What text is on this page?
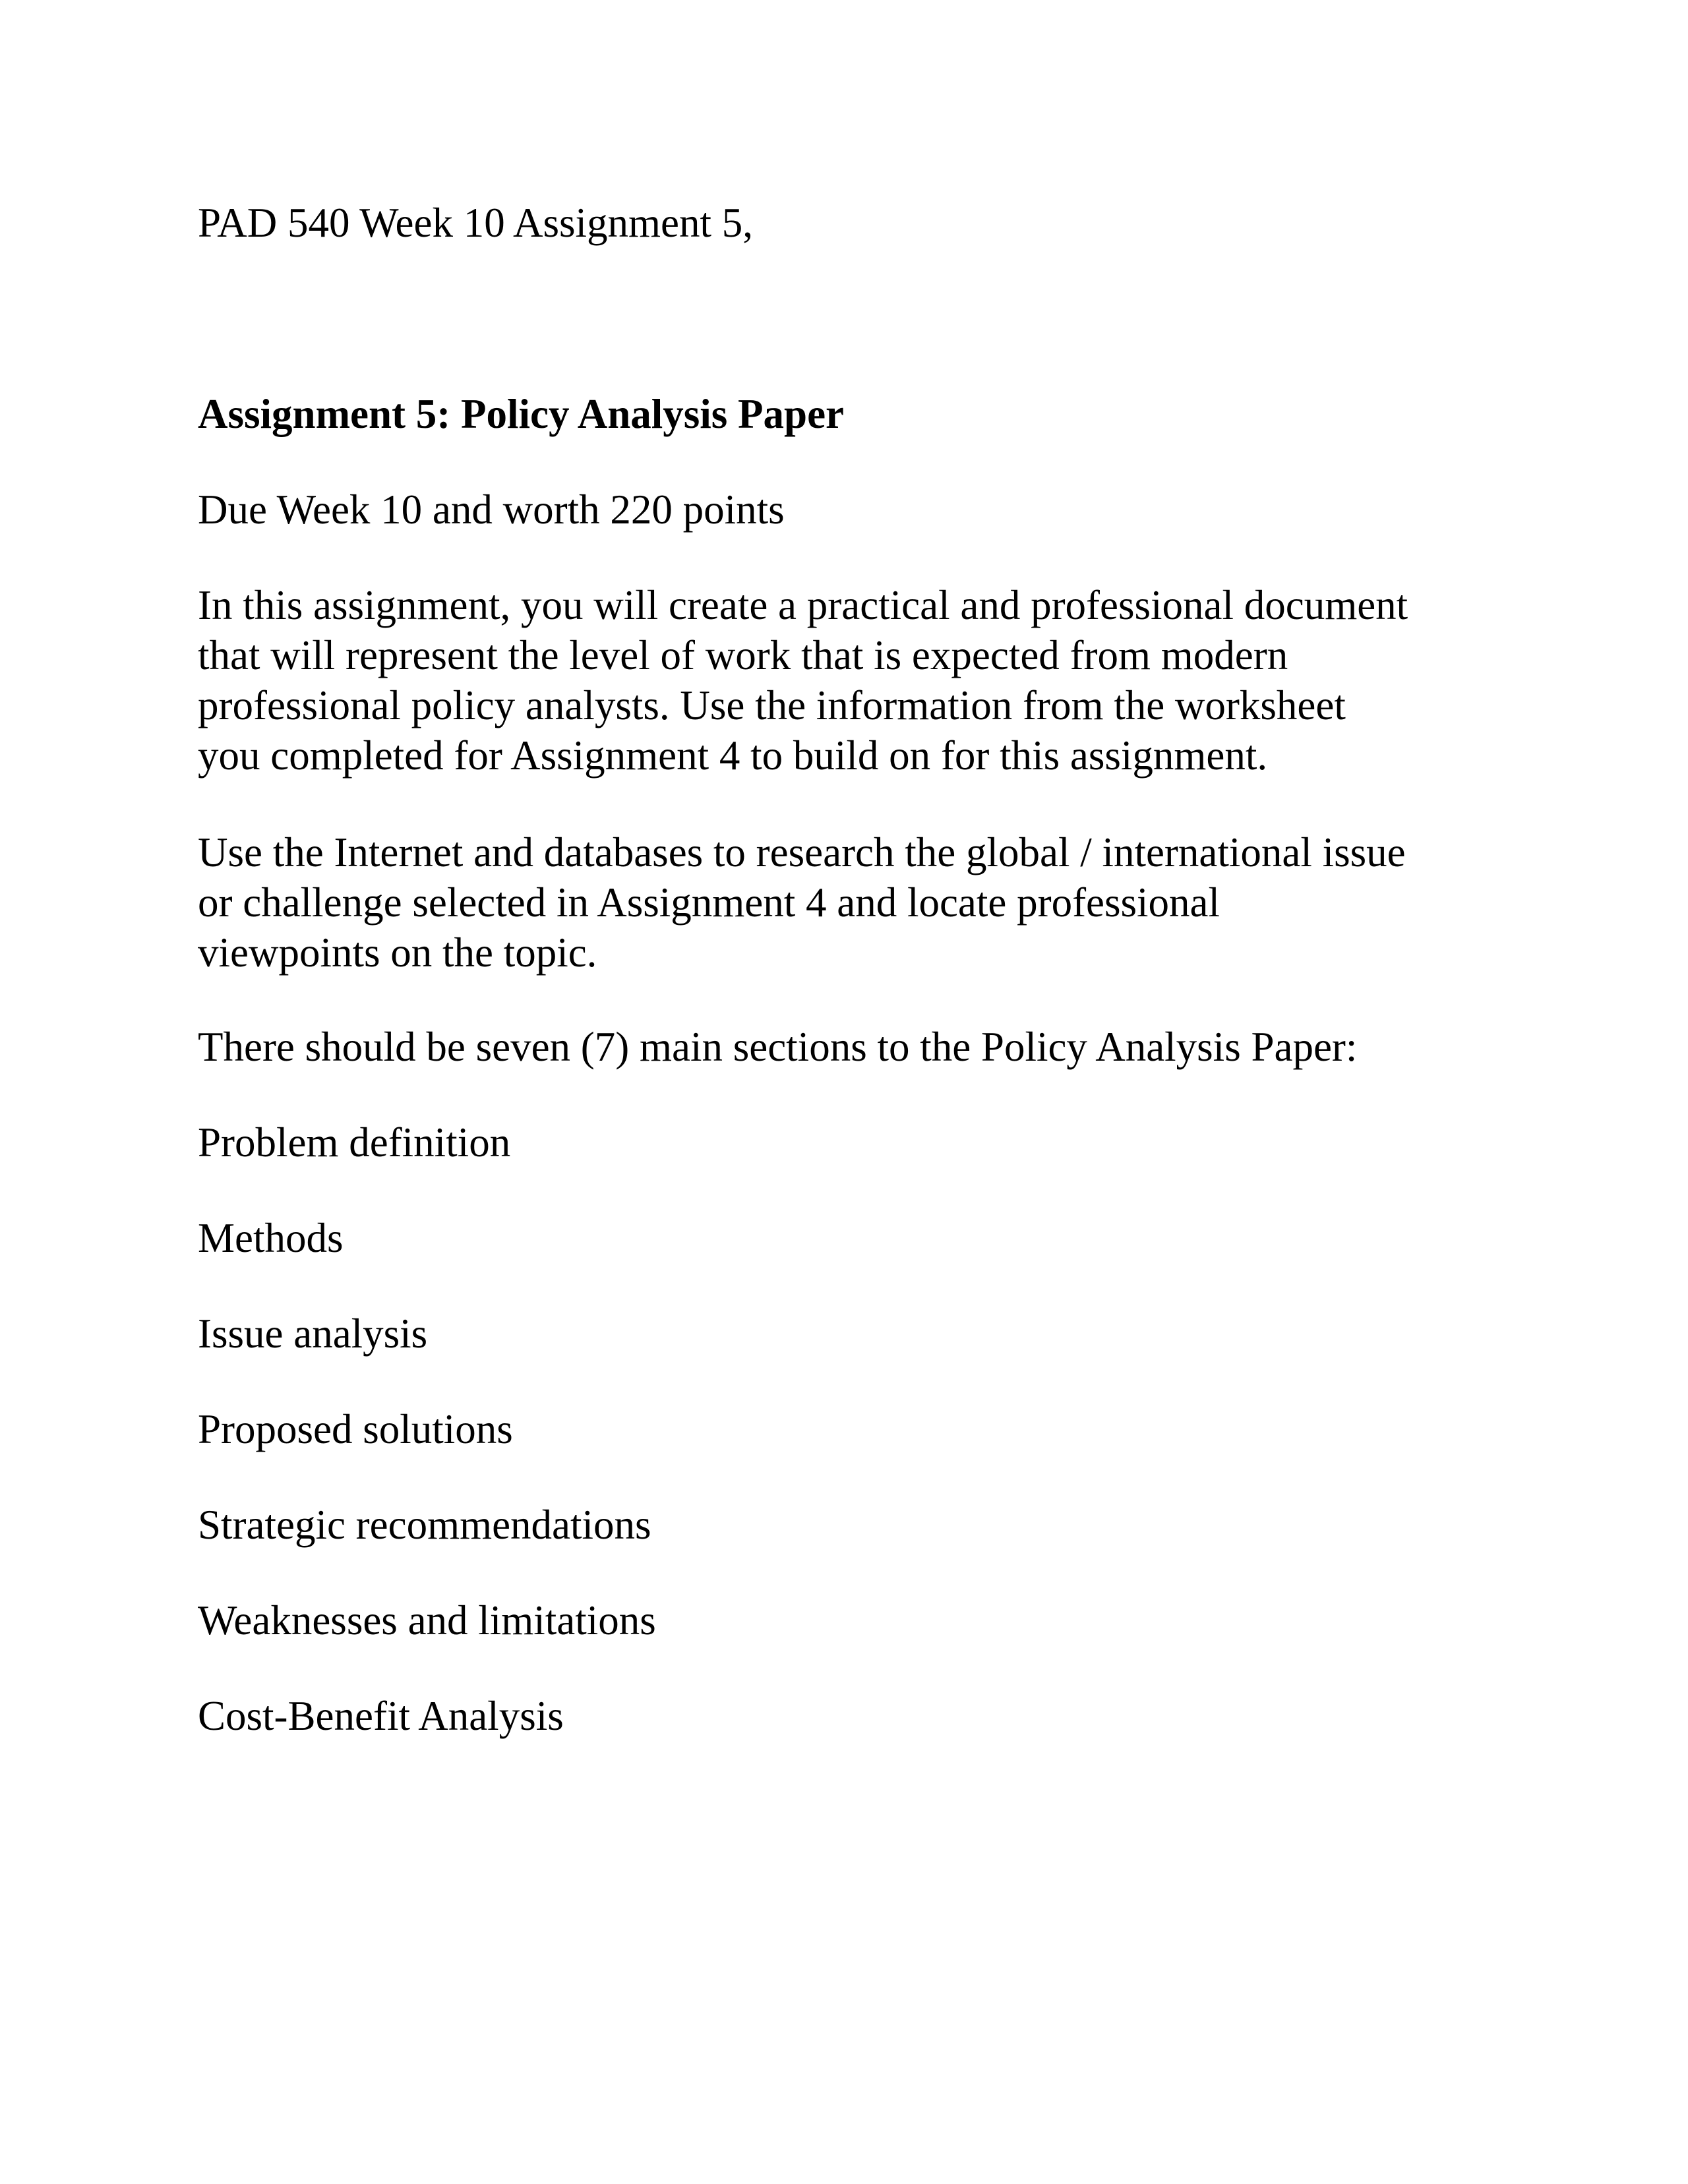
PAD 540 Week 10 Assignment 5,
Assignment 5: Policy Analysis Paper
Due Week 10 and worth 220 points
In this assignment, you will create a practical and professional document
that will represent the level of work that is expected from modern
professional policy analysts. Use the information from the worksheet
you completed for Assignment 4 to build on for this assignment.
Use the Internet and databases to research the global / international issue
or challenge selected in Assignment 4 and locate professional
viewpoints on the topic.
There should be seven (7) main sections to the Policy Analysis Paper:
Problem definition
Methods
Issue analysis
Proposed solutions
Strategic recommendations
Weaknesses and limitations
Cost-Benefit Analysis
